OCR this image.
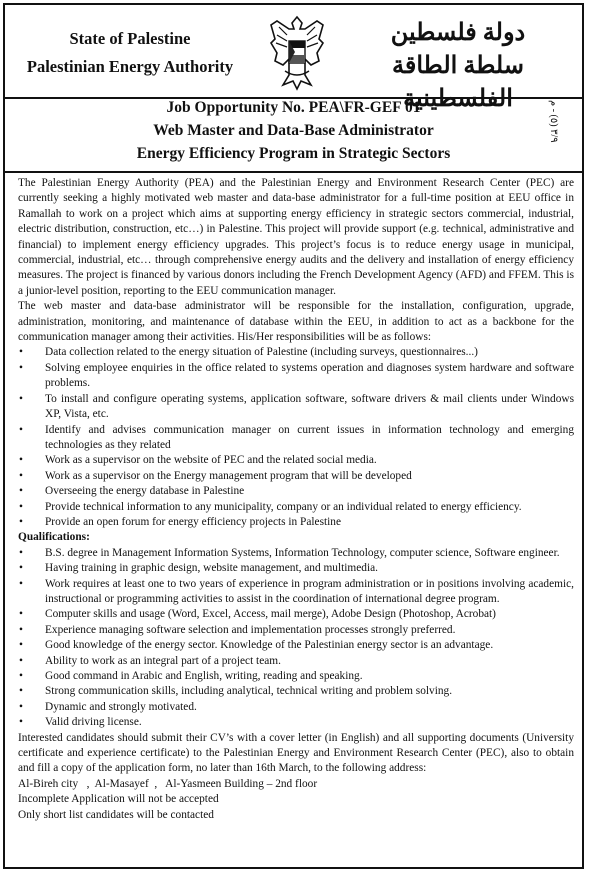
State of Palestine
Palestinian Energy Authority
دولة فلسطين
سلطة الطاقة الفلسطينية
Job Opportunity No. PEA\FR-GEF 01
Web Master and Data-Base Administrator
Energy Efficiency Program in Strategic Sectors
٣/٩ (٥) - م

The Palestinian Energy Authority (PEA) and the Palestinian Energy and Environment Research Center (PEC) are currently seeking a highly motivated web master and data-base administrator for a full-time position at EEU office in Ramallah to work on a project which aims at supporting energy efficiency in strategic sectors commercial, industrial, electric distribution, construction, etc…) in Palestine. This project will provide support (e.g. technical, administrative and financial) to implement energy efficiency upgrades. This project’s focus is to reduce energy usage in municipal, commercial, industrial, etc… through comprehensive energy audits and the delivery and installation of energy efficiency measures. The project is financed by various donors including the French Development Agency (AFD) and FFEM. This is a junior-level position, reporting to the EEU communication manager.

The web master and data-base administrator will be responsible for the installation, configuration, upgrade, administration, monitoring, and maintenance of database within the EEU, in addition to act as a backbone for the communication manager among their activities. His/Her responsibilities will be as follows:

• Data collection related to the energy situation of Palestine (including surveys, questionnaires...)
• Solving employee enquiries in the office related to systems operation and diagnoses system hardware and software problems.
• To install and configure operating systems, application software, software drivers & mail clients under Windows XP, Vista, etc.
• Identify and advises communication manager on current issues in information technology and emerging technologies as they related
• Work as a supervisor on the website of PEC and the related social media.
• Work as a supervisor on the Energy management program that will be developed
• Overseeing the energy database in Palestine
• Provide technical information to any municipality, company or an individual related to energy efficiency.
• Provide an open forum for energy efficiency projects in Palestine

Qualifications:

• B.S. degree in Management Information Systems, Information Technology, computer science, Software engineer.
• Having training in graphic design, website management, and multimedia.
• Work requires at least one to two years of experience in program administration or in positions involving academic, instructional or programming activities to assist in the coordination of international degree program.
• Computer skills and usage (Word, Excel, Access, mail merge), Adobe Design (Photoshop, Acrobat)
• Experience managing software selection and implementation processes strongly preferred.
• Good knowledge of the energy sector. Knowledge of the Palestinian energy sector is an advantage.
• Ability to work as an integral part of a project team.
• Good command in Arabic and English, writing, reading and speaking.
• Strong communication skills, including analytical, technical writing and problem solving.
• Dynamic and strongly motivated.
• Valid driving license.

Interested candidates should submit their CV’s with a cover letter (in English) and all supporting documents (University certificate and experience certificate) to the Palestinian Energy and Environment Research Center (PEC), also to obtain and fill a copy of the application form, no later than 16th March, to the following address:

Al-Bireh city   ,  Al-Masayef  ,   Al-Yasmeen Building – 2nd floor

Incomplete Application will not be accepted

Only short list candidates will be contacted
